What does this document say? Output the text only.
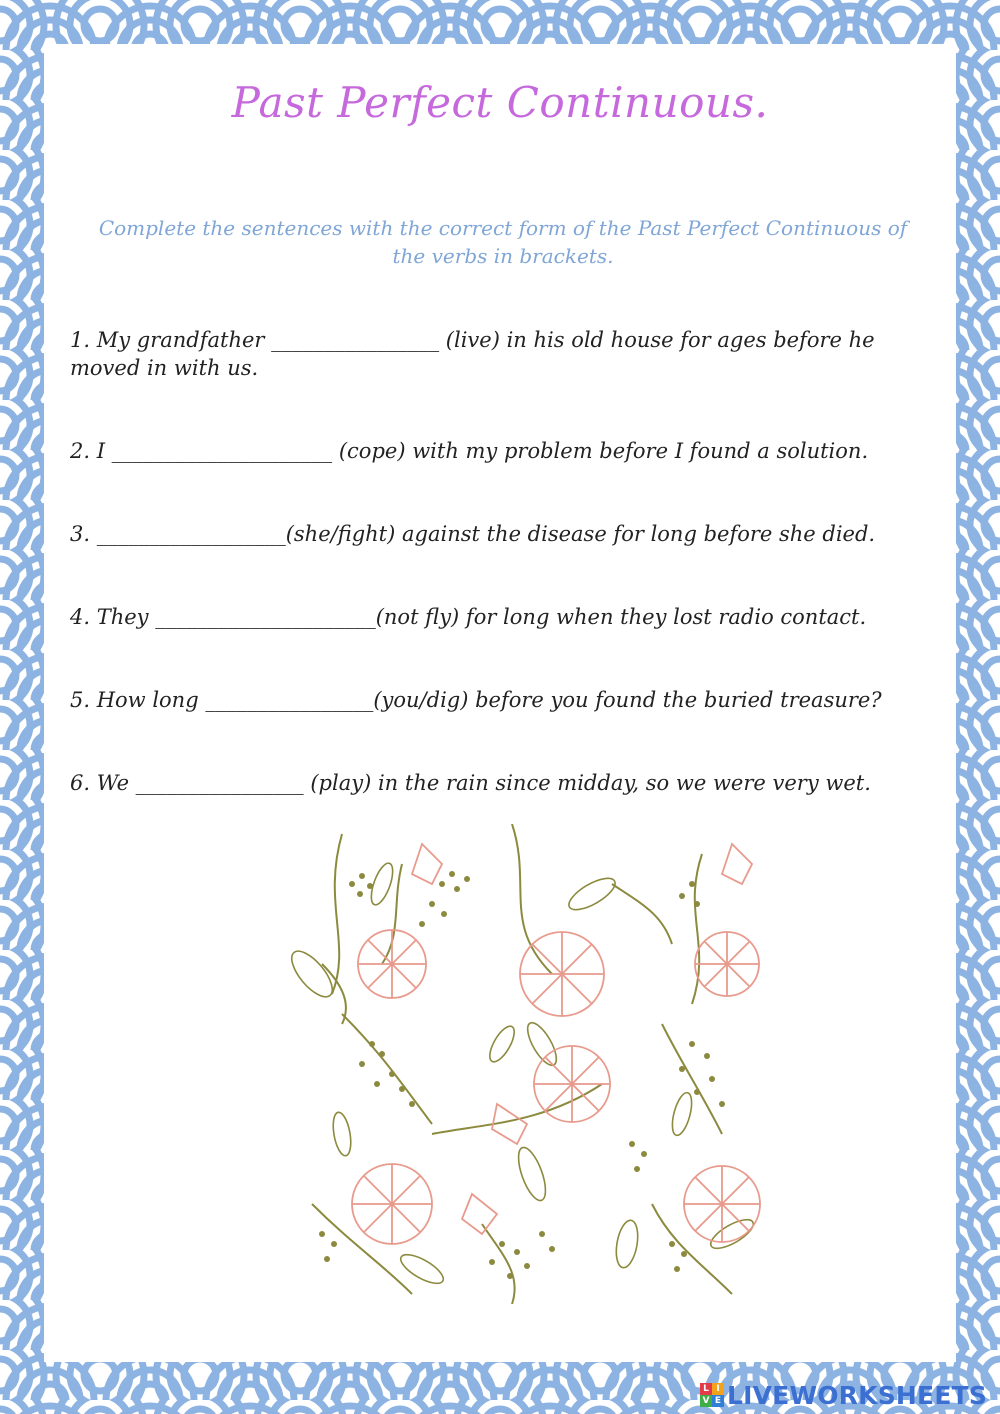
Past Perfect Continuous.
Complete the sentences with the correct form of the Past Perfect Continuous of the verbs in brackets.
1. My grandfather ________________ (live) in his old house for ages before he moved in with us.
2. I _____________________ (cope) with my problem before I found a solution.
3. __________________(she/fight) against the disease for long before she died.
4. They _____________________(not fly) for long when they lost radio contact.
5. How long ________________(you/dig) before you found the buried treasure?
6. We ________________ (play) in the rain since midday, so we were very wet.
L I
V E LIVEWORKSHEETS
